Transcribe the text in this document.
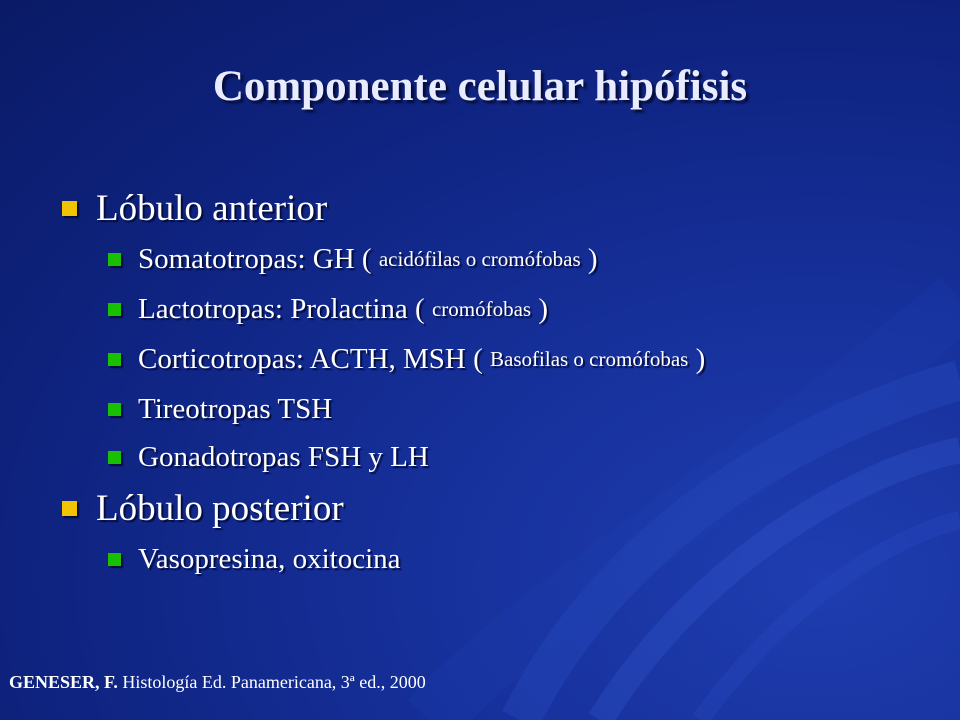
Componente celular hipófisis
Lóbulo anterior
Somatotropas: GH ( acidófilas o cromófobas )
Lactotropas: Prolactina ( cromófobas )
Corticotropas: ACTH, MSH ( Basofilas o cromófobas )
Tireotropas TSH
Gonadotropas FSH y LH
Lóbulo posterior
Vasopresina, oxitocina
GENESER, F. Histología Ed. Panamericana, 3ª ed., 2000
